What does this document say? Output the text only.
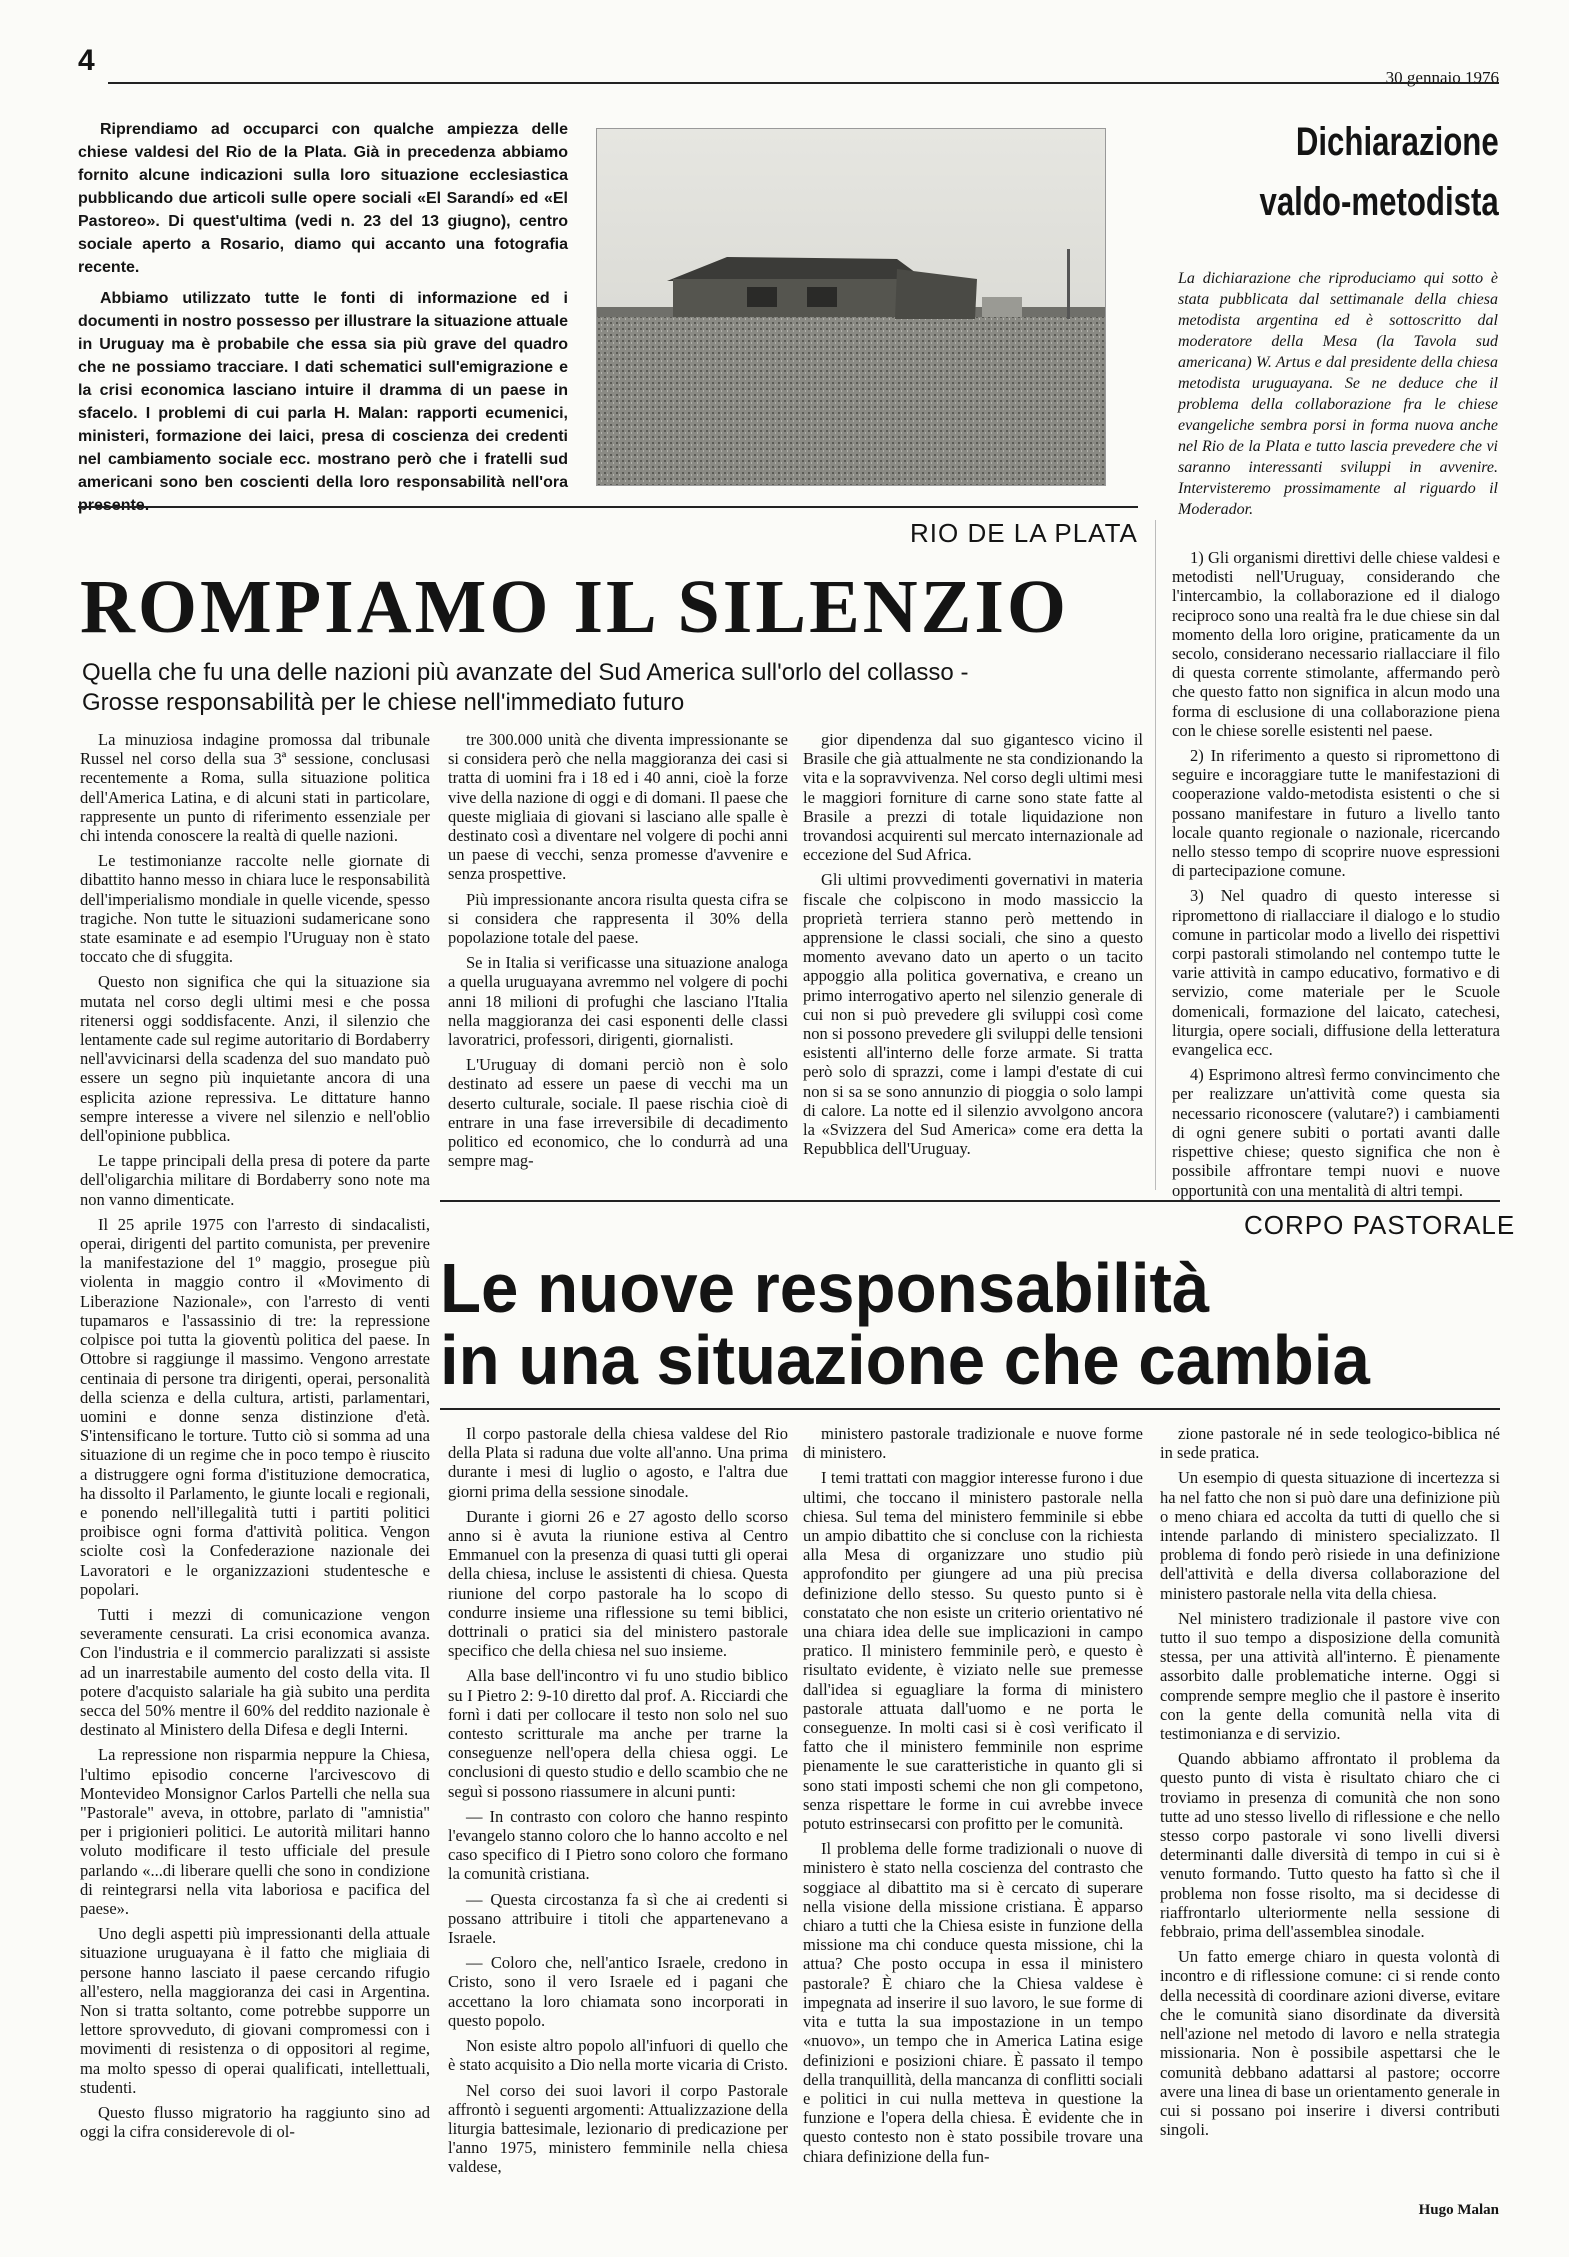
4
30 gennaio 1976

Riprendiamo ad occuparci con qualche ampiezza delle chiese valdesi del Rio de la Plata. Già in precedenza abbiamo fornito alcune indicazioni sulla loro situazione ecclesiastica pubblicando due articoli sulle opere sociali «El Sarandí» ed «El Pastoreo». Di quest'ultima (vedi n. 23 del 13 giugno), centro sociale aperto a Rosario, diamo qui accanto una fotografia recente.

Abbiamo utilizzato tutte le fonti di informazione ed i documenti in nostro possesso per illustrare la situazione attuale in Uruguay ma è probabile che essa sia più grave del quadro che ne possiamo tracciare. I dati schematici sull'emigrazione e la crisi economica lasciano intuire il dramma di un paese in sfacelo. I problemi di cui parla H. Malan: rapporti ecumenici, ministeri, formazione dei laici, presa di coscienza dei credenti nel cambiamento sociale ecc. mostrano però che i fratelli sud americani sono ben coscienti della loro responsabilità nell'ora presente.

Dichiarazione
valdo-metodista
La dichiarazione che riproduciamo qui sotto è stata pubblicata dal settimanale della chiesa metodista argentina ed è sottoscritto dal moderatore della Mesa (la Tavola sud americana) W. Artus e dal presidente della chiesa metodista uruguayana. Se ne deduce che il problema della collaborazione fra le chiese evangeliche sembra porsi in forma nuova anche nel Rio de la Plata e tutto lascia prevedere che vi saranno interessanti sviluppi in avvenire. Intervisteremo prossimamente al riguardo il Moderador.

1) Gli organismi direttivi delle chiese valdesi e metodisti nell'Uruguay, considerando che l'intercambio, la collaborazione ed il dialogo reciproco sono una realtà fra le due chiese sin dal momento della loro origine, praticamente da un secolo, considerano necessario riallacciare il filo di questa corrente stimolante, affermando però che questo fatto non significa in alcun modo una forma di esclusione di una collaborazione piena con le chiese sorelle esistenti nel paese.

2) In riferimento a questo si ripromettono di seguire e incoraggiare tutte le manifestazioni di cooperazione valdo-metodista esistenti o che si possano manifestare in futuro a livello tanto locale quanto regionale o nazionale, ricercando nello stesso tempo di scoprire nuove espressioni di partecipazione comune.

3) Nel quadro di questo interesse si ripromettono di riallacciare il dialogo e lo studio comune in particolar modo a livello dei rispettivi corpi pastorali stimolando nel contempo tutte le varie attività in campo educativo, formativo e di servizio, come materiale per le Scuole domenicali, formazione del laicato, catechesi, liturgia, opere sociali, diffusione della letteratura evangelica ecc.

4) Esprimono altresì fermo convincimento che per realizzare un'attività come questa sia necessario riconoscere (valutare?) i cambiamenti di ogni genere subiti o portati avanti dalle rispettive chiese; questo significa che non è possibile affrontare tempi nuovi e nuove opportunità con una mentalità di altri tempi.

RIO DE LA PLATA
ROMPIAMO IL SILENZIO
Quella che fu una delle nazioni più avanzate del Sud America sull'orlo del collasso -
Grosse responsabilità per le chiese nell'immediato futuro

La minuziosa indagine promossa dal tribunale Russel nel corso della sua 3ª sessione, conclusasi recentemente a Roma, sulla situazione politica dell'America Latina, e di alcuni stati in particolare, rappresente un punto di riferimento essenziale per chi intenda conoscere la realtà di quelle nazioni.

Le testimonianze raccolte nelle giornate di dibattito hanno messo in chiara luce le responsabilità dell'imperialismo mondiale in quelle vicende, spesso tragiche. Non tutte le situazioni sudamericane sono state esaminate e ad esempio l'Uruguay non è stato toccato che di sfuggita.

Questo non significa che qui la situazione sia mutata nel corso degli ultimi mesi e che possa ritenersi oggi soddisfacente. Anzi, il silenzio che lentamente cade sul regime autoritario di Bordaberry nell'avvicinarsi della scadenza del suo mandato può essere un segno più inquietante ancora di una esplicita azione repressiva. Le dittature hanno sempre interesse a vivere nel silenzio e nell'oblio dell'opinione pubblica.

Le tappe principali della presa di potere da parte dell'oligarchia militare di Bordaberry sono note ma non vanno dimenticate.

Il 25 aprile 1975 con l'arresto di sindacalisti, operai, dirigenti del partito comunista, per prevenire la manifestazione del 1º maggio, prosegue più violenta in maggio contro il «Movimento di Liberazione Nazionale», con l'arresto di venti tupamaros e l'assassinio di tre: la repressione colpisce poi tutta la gioventù politica del paese. In Ottobre si raggiunge il massimo. Vengono arrestate centinaia di persone tra dirigenti, operai, personalità della scienza e della cultura, artisti, parlamentari, uomini e donne senza distinzione d'età. S'intensificano le torture. Tutto ciò si somma ad una situazione di un regime che in poco tempo è riuscito a distruggere ogni forma d'istituzione democratica, ha dissolto il Parlamento, le giunte locali e regionali, e ponendo nell'illegalità tutti i partiti politici proibisce ogni forma d'attività politica. Vengon sciolte così la Confederazione nazionale dei Lavoratori e le organizzazioni studentesche e popolari.

Tutti i mezzi di comunicazione vengon severamente censurati. La crisi economica avanza. Con l'industria e il commercio paralizzati si assiste ad un inarrestabile aumento del costo della vita. Il potere d'acquisto salariale ha già subito una perdita secca del 50% mentre il 60% del reddito nazionale è destinato al Ministero della Difesa e degli Interni.

La repressione non risparmia neppure la Chiesa, l'ultimo episodio concerne l'arcivescovo di Montevideo Monsignor Carlos Partelli che nella sua "Pastorale" aveva, in ottobre, parlato di "amnistia" per i prigionieri politici. Le autorità militari hanno voluto modificare il testo ufficiale del presule parlando «...di liberare quelli che sono in condizione di reintegrarsi nella vita laboriosa e pacifica del paese».

Uno degli aspetti più impressionanti della attuale situazione uruguayana è il fatto che migliaia di persone hanno lasciato il paese cercando rifugio all'estero, nella maggioranza dei casi in Argentina. Non si tratta soltanto, come potrebbe supporre un lettore sprovveduto, di giovani compromessi con i movimenti di resistenza o di oppositori al regime, ma molto spesso di operai qualificati, intellettuali, studenti.

Questo flusso migratorio ha raggiunto sino ad oggi la cifra considerevole di ol-

tre 300.000 unità che diventa impressionante se si considera però che nella maggioranza dei casi si tratta di uomini fra i 18 ed i 40 anni, cioè la forze vive della nazione di oggi e di domani. Il paese che queste migliaia di giovani si lasciano alle spalle è destinato così a diventare nel volgere di pochi anni un paese di vecchi, senza promesse d'avvenire e senza prospettive.

Più impressionante ancora risulta questa cifra se si considera che rappresenta il 30% della popolazione totale del paese.

Se in Italia si verificasse una situazione analoga a quella uruguayana avremmo nel volgere di pochi anni 18 milioni di profughi che lasciano l'Italia nella maggioranza dei casi esponenti delle classi lavoratrici, professori, dirigenti, giornalisti.

L'Uruguay di domani perciò non è solo destinato ad essere un paese di vecchi ma un deserto culturale, sociale. Il paese rischia cioè di entrare in una fase irreversibile di decadimento politico ed economico, che lo condurrà ad una sempre mag-

gior dipendenza dal suo gigantesco vicino il Brasile che già attualmente ne sta condizionando la vita e la sopravvivenza. Nel corso degli ultimi mesi le maggiori forniture di carne sono state fatte al Brasile a prezzi di totale liquidazione non trovandosi acquirenti sul mercato internazionale ad eccezione del Sud Africa.

Gli ultimi provvedimenti governativi in materia fiscale che colpiscono in modo massiccio la proprietà terriera stanno però mettendo in apprensione le classi sociali, che sino a questo momento avevano dato un aperto o un tacito appoggio alla politica governativa, e creano un primo interrogativo aperto nel silenzio generale di cui non si può prevedere gli sviluppi così come non si possono prevedere gli sviluppi delle tensioni esistenti all'interno delle forze armate. Si tratta però solo di sprazzi, come i lampi d'estate di cui non si sa se sono annunzio di pioggia o solo lampi di calore. La notte ed il silenzio avvolgono ancora la «Svizzera del Sud America» come era detta la Repubblica dell'Uruguay.

CORPO PASTORALE
Le nuove responsabilità
in una situazione che cambia

Il corpo pastorale della chiesa valdese del Rio della Plata si raduna due volte all'anno. Una prima durante i mesi di luglio o agosto, e l'altra due giorni prima della sessione sinodale.

Durante i giorni 26 e 27 agosto dello scorso anno si è avuta la riunione estiva al Centro Emmanuel con la presenza di quasi tutti gli operai della chiesa, incluse le assistenti di chiesa. Questa riunione del corpo pastorale ha lo scopo di condurre insieme una riflessione su temi biblici, dottrinali o pratici sia del ministero pastorale specifico che della chiesa nel suo insieme.

Alla base dell'incontro vi fu uno studio biblico su I Pietro 2: 9-10 diretto dal prof. A. Ricciardi che fornì i dati per collocare il testo non solo nel suo contesto scritturale ma anche per trarne la conseguenze nell'opera della chiesa oggi. Le conclusioni di questo studio e dello scambio che ne seguì si possono riassumere in alcuni punti:

— In contrasto con coloro che hanno respinto l'evangelo stanno coloro che lo hanno accolto e nel caso specifico di I Pietro sono coloro che formano la comunità cristiana.

— Questa circostanza fa sì che ai credenti si possano attribuire i titoli che appartenevano a Israele.

— Coloro che, nell'antico Israele, credono in Cristo, sono il vero Israele ed i pagani che accettano la loro chiamata sono incorporati in questo popolo.

Non esiste altro popolo all'infuori di quello che è stato acquisito a Dio nella morte vicaria di Cristo.

Nel corso dei suoi lavori il corpo Pastorale affrontò i seguenti argomenti: Attualizzazione della liturgia battesimale, lezionario di predicazione per l'anno 1975, ministero femminile nella chiesa valdese,

ministero pastorale tradizionale e nuove forme di ministero.

I temi trattati con maggior interesse furono i due ultimi, che toccano il ministero pastorale nella chiesa. Sul tema del ministero femminile si ebbe un ampio dibattito che si concluse con la richiesta alla Mesa di organizzare uno studio più approfondito per giungere ad una più precisa definizione dello stesso. Su questo punto si è constatato che non esiste un criterio orientativo né una chiara idea delle sue implicazioni in campo pratico. Il ministero femminile però, e questo è risultato evidente, è viziato nelle sue premesse dall'idea si eguagliare la forma di ministero pastorale attuata dall'uomo e ne porta le conseguenze. In molti casi si è così verificato il fatto che il ministero femminile non esprime pienamente le sue caratteristiche in quanto gli si sono stati imposti schemi che non gli competono, senza rispettare le forme in cui avrebbe invece potuto estrinsecarsi con profitto per le comunità.

Il problema delle forme tradizionali o nuove di ministero è stato nella coscienza del contrasto che soggiace al dibattito ma si è cercato di superare nella visione della missione cristiana. È apparso chiaro a tutti che la Chiesa esiste in funzione della missione ma chi conduce questa missione, chi la attua? Che posto occupa in essa il ministero pastorale? È chiaro che la Chiesa valdese è impegnata ad inserire il suo lavoro, le sue forme di vita e tutta la sua impostazione in un tempo «nuovo», un tempo che in America Latina esige definizioni e posizioni chiare. È passato il tempo della tranquillità, della mancanza di conflitti sociali e politici in cui nulla metteva in questione la funzione e l'opera della chiesa. È evidente che in questo contesto non è stato possibile trovare una chiara definizione della fun-

zione pastorale né in sede teologico-biblica né in sede pratica.

Un esempio di questa situazione di incertezza si ha nel fatto che non si può dare una definizione più o meno chiara ed accolta da tutti di quello che si intende parlando di ministero specializzato. Il problema di fondo però risiede in una definizione dell'attività e della diversa collaborazione del ministero pastorale nella vita della chiesa.

Nel ministero tradizionale il pastore vive con tutto il suo tempo a disposizione della comunità stessa, per una attività all'interno. È pienamente assorbito dalle problematiche interne. Oggi si comprende sempre meglio che il pastore è inserito con la gente della comunità nella vita di testimonianza e di servizio.

Quando abbiamo affrontato il problema da questo punto di vista è risultato chiaro che ci troviamo in presenza di comunità che non sono tutte ad uno stesso livello di riflessione e che nello stesso corpo pastorale vi sono livelli diversi determinanti dalle diversità di tempo in cui si è venuto formando. Tutto questo ha fatto sì che il problema non fosse risolto, ma si decidesse di riaffrontarlo ulteriormente nella sessione di febbraio, prima dell'assemblea sinodale.

Un fatto emerge chiaro in questa volontà di incontro e di riflessione comune: ci si rende conto della necessità di coordinare azioni diverse, evitare che le comunità siano disordinate da diversità nell'azione nel metodo di lavoro e nella strategia missionaria. Non è possibile aspettarsi che le comunità debbano adattarsi al pastore; occorre avere una linea di base un orientamento generale in cui si possano poi inserire i diversi contributi singoli.

Hugo Malan
